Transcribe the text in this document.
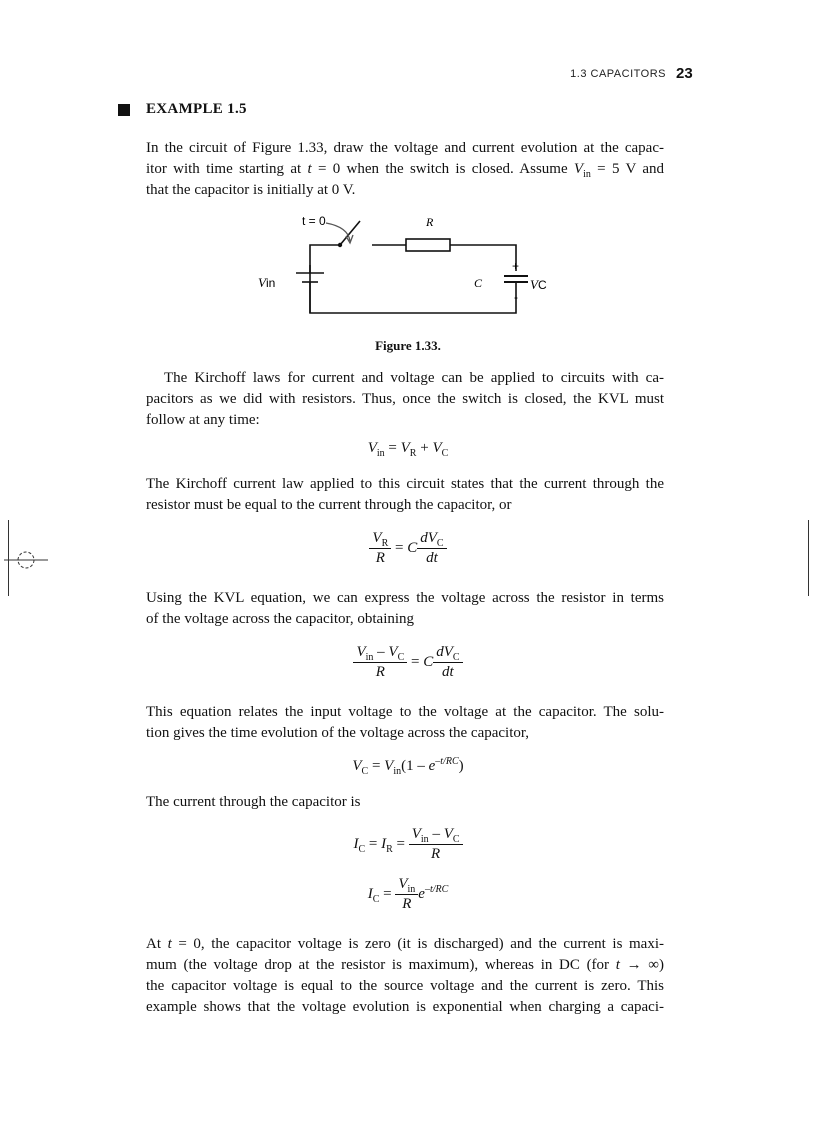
1.3 CAPACITORS 23
EXAMPLE 1.5
In the circuit of Figure 1.33, draw the voltage and current evolution at the capac-
itor with time starting at t = 0 when the switch is closed. Assume $V_{in} = 5$ V and
that the capacitor is initially at 0 V.
t = 0	R
Vin	C
+
-
VC
Figure 1.33.
The Kirchoff laws for current and voltage can be applied to circuits with ca-
pacitors as we did with resistors. Thus, once the switch is closed, the KVL must
follow at any time:
$V_{in} = V_R + V_C$
The Kirchoff current law applied to this circuit states that the current through the
resistor must be equal to the current through the capacitor, or
$\frac{V_R}{R} = C \frac{dV_C}{dt}$
Using the KVL equation, we can express the voltage across the resistor in terms
of the voltage across the capacitor, obtaining
$\frac{V_{in} - V_C}{R} = C \frac{dV_C}{dt}$
This equation relates the input voltage to the voltage at the capacitor. The solu-
tion gives the time evolution of the voltage across the capacitor,
$V_C = V_{in}(1 - e^{-t/RC})$
The current through the capacitor is
$I_C = I_R = \frac{V_{in} - V_C}{R}$
$I_C = \frac{V_{in}}{R} e^{-t/RC}$
At t = 0, the capacitor voltage is zero (it is discharged) and the current is maxi-
mum (the voltage drop at the resistor is maximum), whereas in DC (for t → ∞)
the capacitor voltage is equal to the source voltage and the current is zero. This
example shows that the voltage evolution is exponential when charging a capaci-
